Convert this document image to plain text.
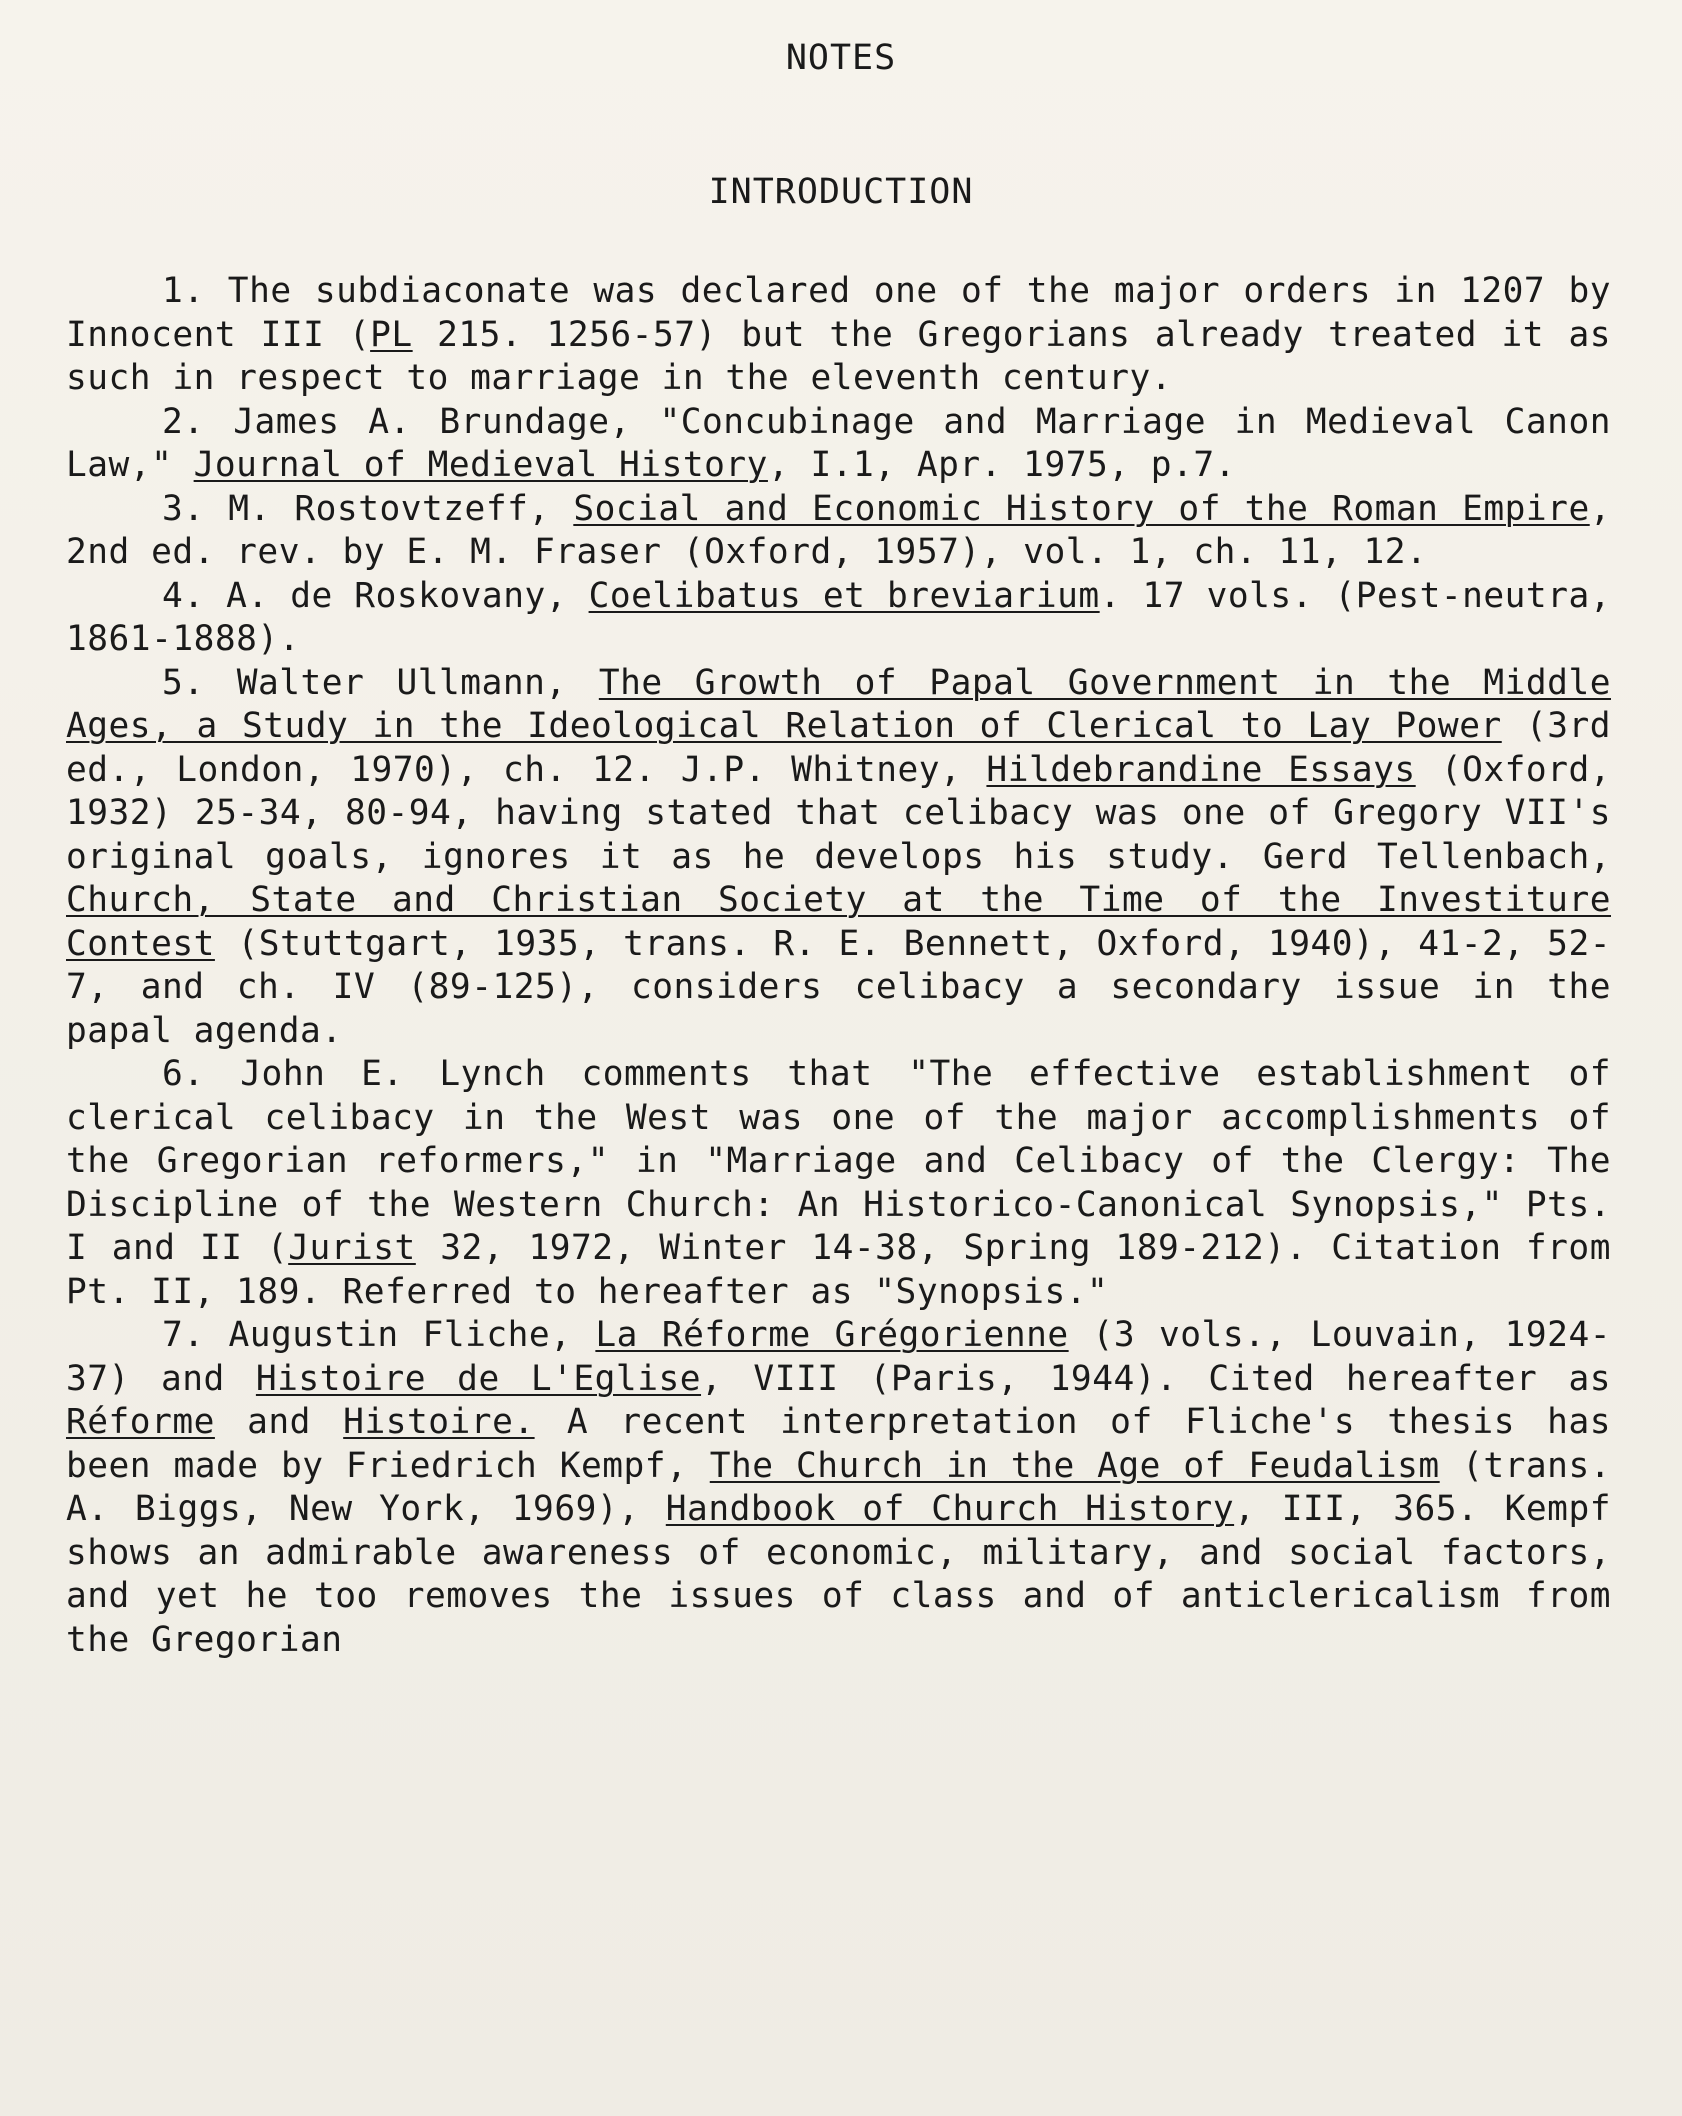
NOTES
INTRODUCTION

1. The subdiaconate was declared one of the major orders in 1207 by Innocent III (PL 215. 1256-57) but the Gregorians already treated it as such in respect to marriage in the eleventh century.

2. James A. Brundage, "Concubinage and Marriage in Medieval Canon Law," Journal of Medieval History, I.1, Apr. 1975, p.7.

3. M. Rostovtzeff, Social and Economic History of the Roman Empire, 2nd ed. rev. by E. M. Fraser (Oxford, 1957), vol. 1, ch. 11, 12.

4. A. de Roskovany, Coelibatus et breviarium. 17 vols. (Pest-neutra, 1861-1888).

5. Walter Ullmann, The Growth of Papal Government in the Middle Ages, a Study in the Ideological Relation of Clerical to Lay Power (3rd ed., London, 1970), ch. 12. J.P. Whitney, Hildebrandine Essays (Oxford, 1932) 25-34, 80-94, having stated that celibacy was one of Gregory VII's original goals, ignores it as he develops his study. Gerd Tellenbach, Church, State and Christian Society at the Time of the Investiture Contest (Stuttgart, 1935, trans. R. E. Bennett, Oxford, 1940), 41-2, 52-7, and ch. IV (89-125), considers celibacy a secondary issue in the papal agenda.

6. John E. Lynch comments that "The effective establishment of clerical celibacy in the West was one of the major accomplishments of the Gregorian reformers," in "Marriage and Celibacy of the Clergy: The Discipline of the Western Church: An Historico-Canonical Synopsis," Pts. I and II (Jurist 32, 1972, Winter 14-38, Spring 189-212). Citation from Pt. II, 189. Referred to hereafter as "Synopsis."

7. Augustin Fliche, La Réforme Grégorienne (3 vols., Louvain, 1924-37) and Histoire de L'Eglise, VIII (Paris, 1944). Cited hereafter as Réforme and Histoire. A recent interpretation of Fliche's thesis has been made by Friedrich Kempf, The Church in the Age of Feudalism (trans. A. Biggs, New York, 1969), Handbook of Church History, III, 365. Kempf shows an admirable awareness of economic, military, and social factors, and yet he too removes the issues of class and of anticlericalism from the Gregorian
